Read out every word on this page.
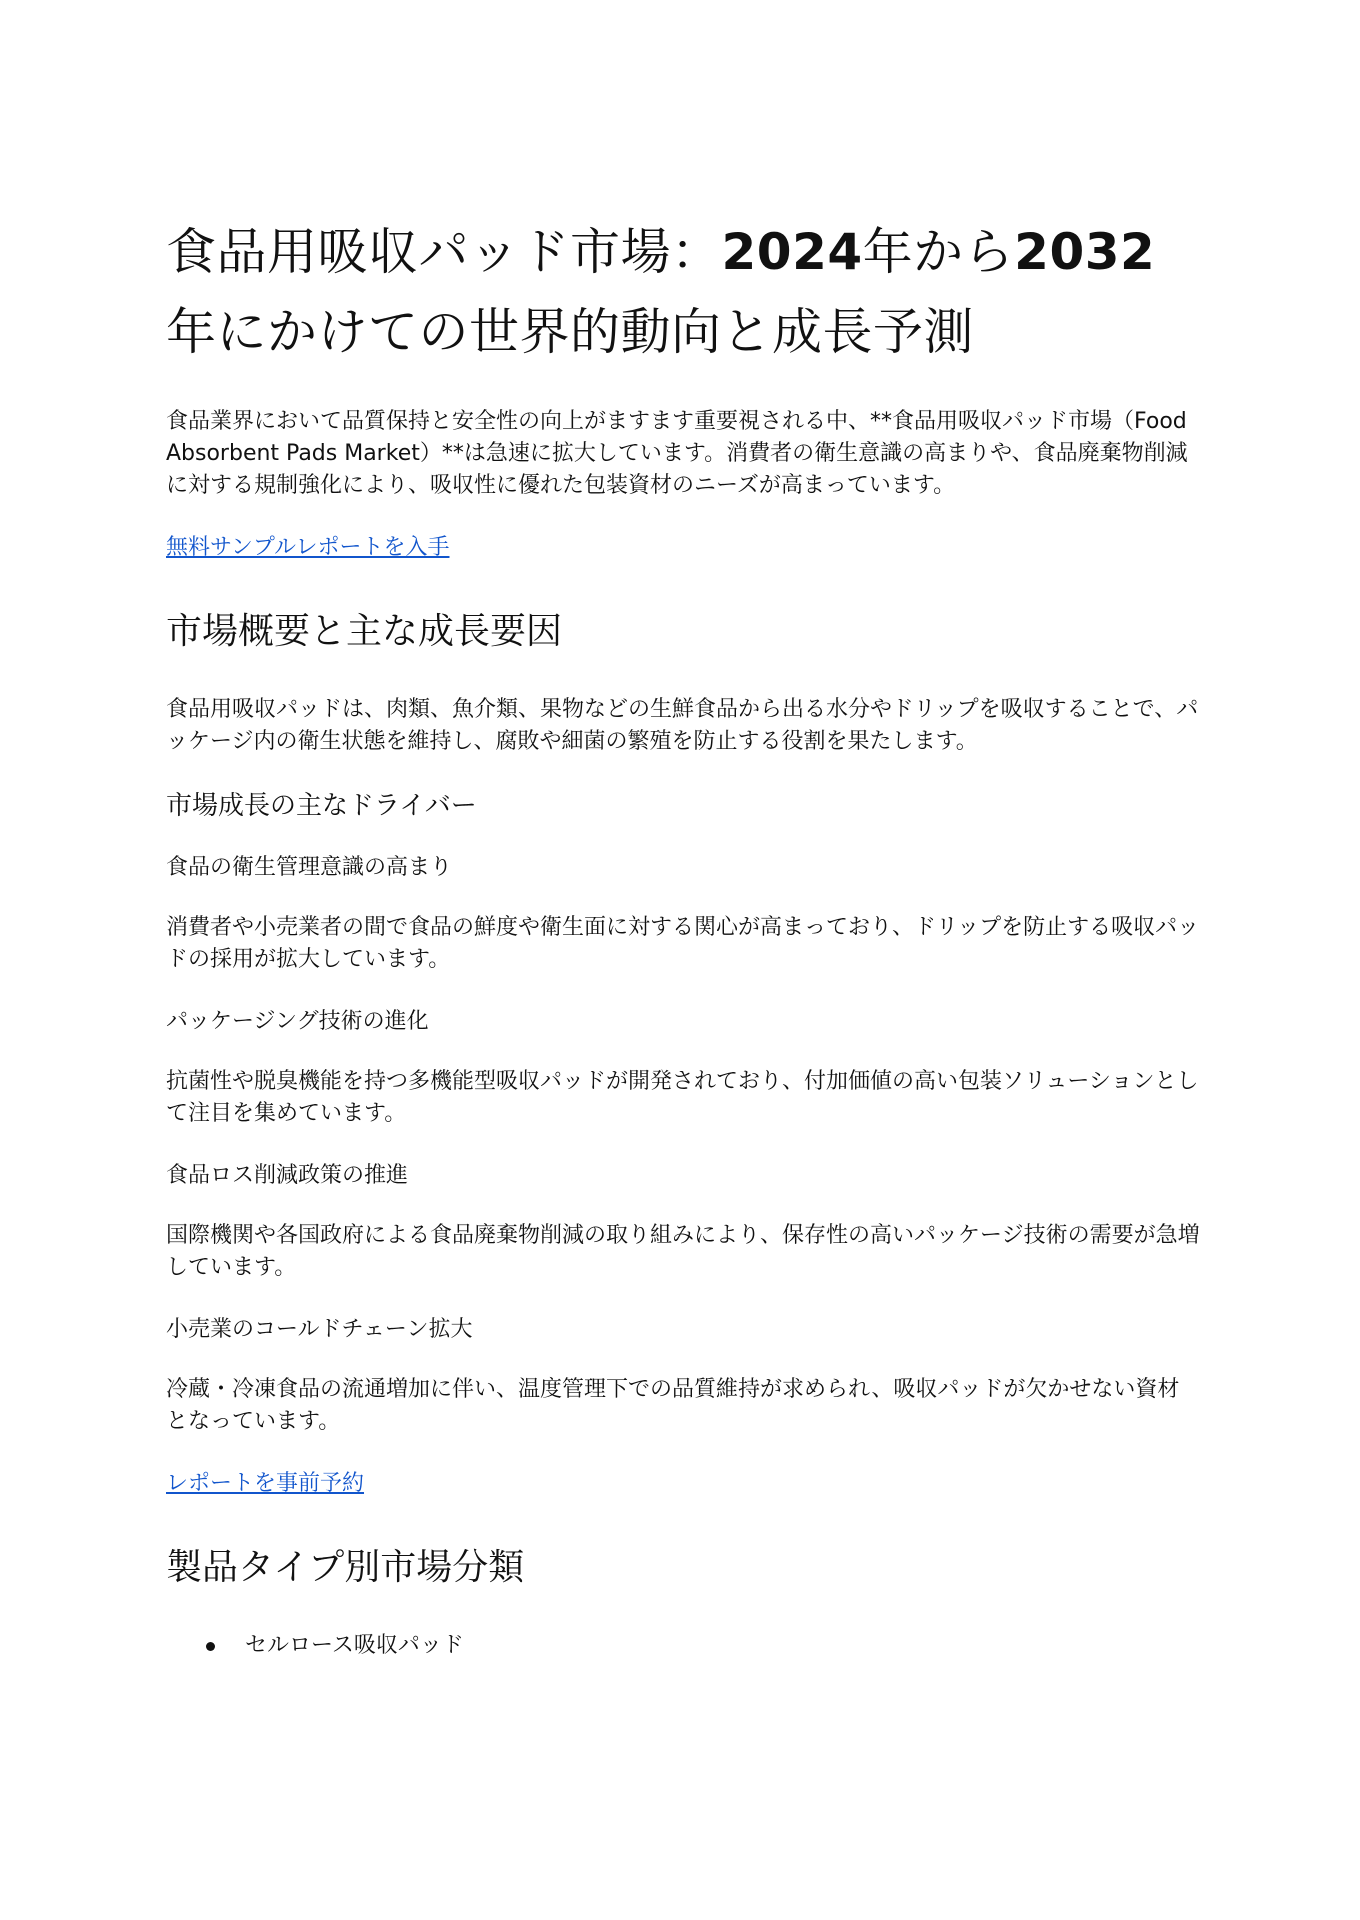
食品用吸収パッド市場：2024年から2032年にかけての世界的動向と成長予測

食品業界において品質保持と安全性の向上がますます重要視される中、**食品用吸収パッド市場（Food Absorbent Pads Market）**は急速に拡大しています。消費者の衛生意識の高まりや、食品廃棄物削減に対する規制強化により、吸収性に優れた包装資材のニーズが高まっています。

無料サンプルレポートを入手
市場概要と主な成長要因

食品用吸収パッドは、肉類、魚介類、果物などの生鮮食品から出る水分やドリップを吸収することで、パッケージ内の衛生状態を維持し、腐敗や細菌の繁殖を防止する役割を果たします。

市場成長の主なドライバー
食品の衛生管理意識の高まり

消費者や小売業者の間で食品の鮮度や衛生面に対する関心が高まっており、ドリップを防止する吸収パッドの採用が拡大しています。

パッケージング技術の進化

抗菌性や脱臭機能を持つ多機能型吸収パッドが開発されており、付加価値の高い包装ソリューションとして注目を集めています。

食品ロス削減政策の推進

国際機関や各国政府による食品廃棄物削減の取り組みにより、保存性の高いパッケージ技術の需要が急増しています。

小売業のコールドチェーン拡大

冷蔵・冷凍食品の流通増加に伴い、温度管理下での品質維持が求められ、吸収パッドが欠かせない資材となっています。

レポートを事前予約
製品タイプ別市場分類
セルロース吸収パッド
